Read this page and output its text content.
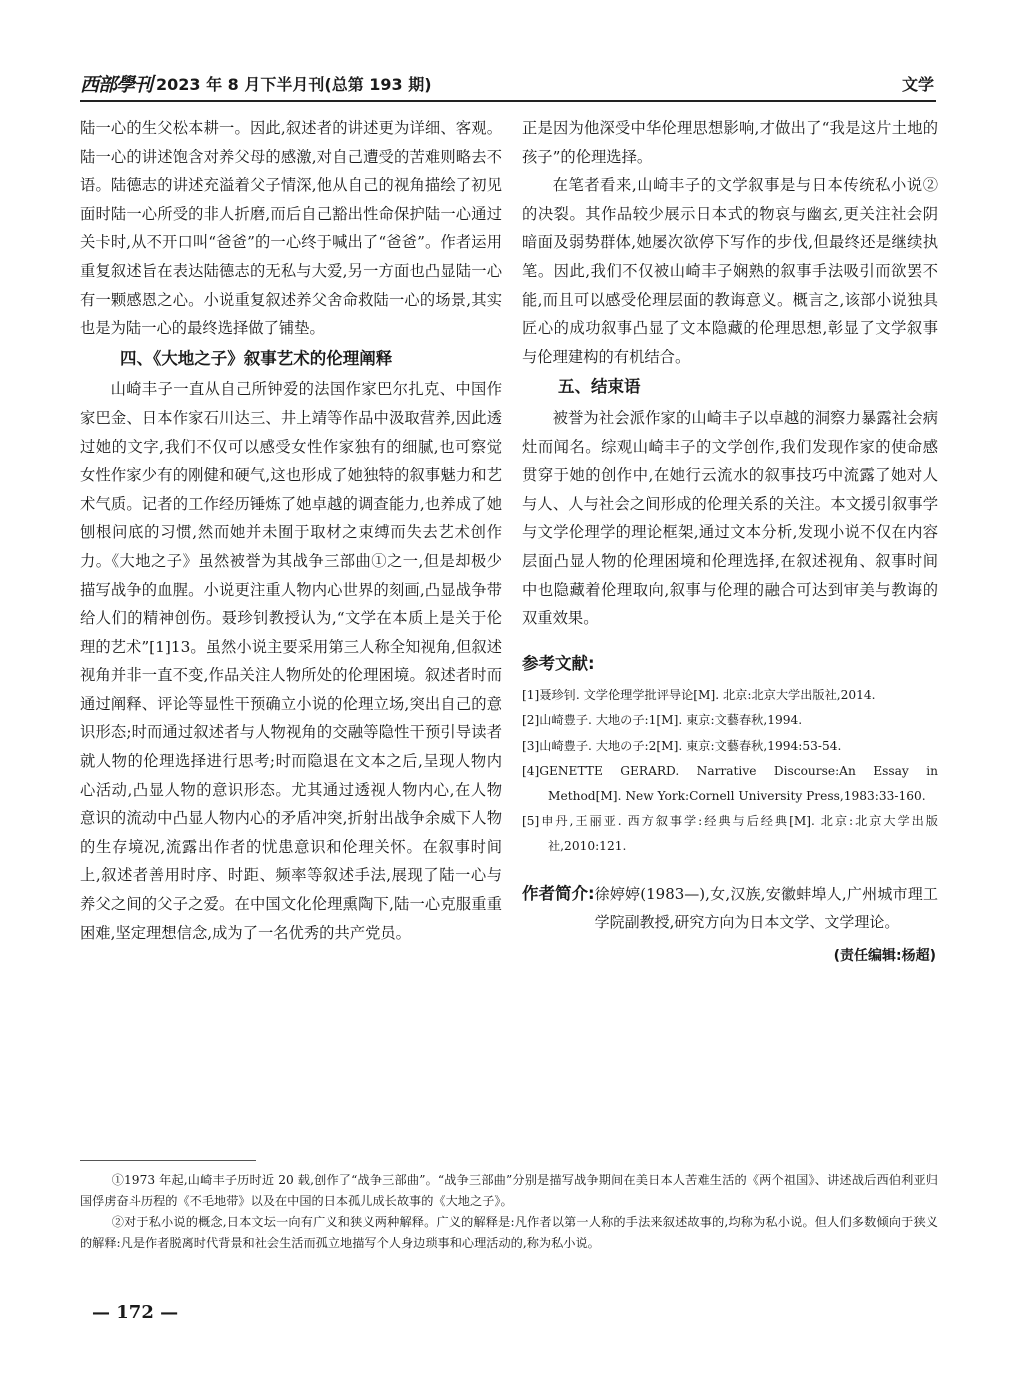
西部學刊 2023 年 8 月下半月刊(总第 193 期)	文学

陆一心的生父松本耕一。因此,叙述者的讲述更为详细、客观。陆一心的讲述饱含对养父母的感激,对自己遭受的苦难则略去不语。陆德志的讲述充溢着父子情深,他从自己的视角描绘了初见面时陆一心所受的非人折磨,而后自己豁出性命保护陆一心通过关卡时,从不开口叫“爸爸”的一心终于喊出了“爸爸”。作者运用重复叙述旨在表达陆德志的无私与大爱,另一方面也凸显陆一心有一颗感恩之心。小说重复叙述养父舍命救陆一心的场景,其实也是为陆一心的最终选择做了铺垫。

四、《大地之子》叙事艺术的伦理阐释

山崎丰子一直从自己所钟爱的法国作家巴尔扎克、中国作家巴金、日本作家石川达三、井上靖等作品中汲取营养,因此透过她的文字,我们不仅可以感受女性作家独有的细腻,也可察觉女性作家少有的刚健和硬气,这也形成了她独特的叙事魅力和艺术气质。记者的工作经历锤炼了她卓越的调查能力,也养成了她刨根问底的习惯,然而她并未囿于取材之束缚而失去艺术创作力。《大地之子》虽然被誉为其战争三部曲①之一,但是却极少描写战争的血腥。小说更注重人物内心世界的刻画,凸显战争带给人们的精神创伤。聂珍钊教授认为,“文学在本质上是关于伦理的艺术”[1]13。虽然小说主要采用第三人称全知视角,但叙述视角并非一直不变,作品关注人物所处的伦理困境。叙述者时而通过阐释、评论等显性干预确立小说的伦理立场,突出自己的意识形态;时而通过叙述者与人物视角的交融等隐性干预引导读者就人物的伦理选择进行思考;时而隐退在文本之后,呈现人物内心活动,凸显人物的意识形态。尤其通过透视人物内心,在人物意识的流动中凸显人物内心的矛盾冲突,折射出战争余威下人物的生存境况,流露出作者的忧患意识和伦理关怀。在叙事时间上,叙述者善用时序、时距、频率等叙述手法,展现了陆一心与养父之间的父子之爱。在中国文化伦理熏陶下,陆一心克服重重困难,坚定理想信念,成为了一名优秀的共产党员。

正是因为他深受中华伦理思想影响,才做出了“我是这片土地的孩子”的伦理选择。

在笔者看来,山崎丰子的文学叙事是与日本传统私小说②的决裂。其作品较少展示日本式的物哀与幽玄,更关注社会阴暗面及弱势群体,她屡次欲停下写作的步伐,但最终还是继续执笔。因此,我们不仅被山崎丰子娴熟的叙事手法吸引而欲罢不能,而且可以感受伦理层面的教诲意义。概言之,该部小说独具匠心的成功叙事凸显了文本隐藏的伦理思想,彰显了文学叙事与伦理建构的有机结合。

五、结束语

被誉为社会派作家的山崎丰子以卓越的洞察力暴露社会病灶而闻名。综观山崎丰子的文学创作,我们发现作家的使命感贯穿于她的创作中,在她行云流水的叙事技巧中流露了她对人与人、人与社会之间形成的伦理关系的关注。本文援引叙事学与文学伦理学的理论框架,通过文本分析,发现小说不仅在内容层面凸显人物的伦理困境和伦理选择,在叙述视角、叙事时间中也隐藏着伦理取向,叙事与伦理的融合可达到审美与教诲的双重效果。

参考文献:
[1]聂珍钊. 文学伦理学批评导论[M]. 北京:北京大学出版社,2014.
[2]山崎豊子. 大地の子:1[M]. 東京:文藝春秋,1994.
[3]山崎豊子. 大地の子:2[M]. 東京:文藝春秋,1994:53-54.
[4]GENETTE GERARD. Narrative Discourse:An Essay in Method[M]. New York:Cornell University Press,1983:33-160.
[5]申丹,王丽亚. 西方叙事学:经典与后经典[M]. 北京:北京大学出版社,2010:121.
作者简介: 徐婷婷(1983—),女,汉族,安徽蚌埠人,广州城市理工学院副教授,研究方向为日本文学、文学理论。
(责任编辑:杨超)

①1973 年起,山崎丰子历时近 20 载,创作了“战争三部曲”。“战争三部曲”分别是描写战争期间在美日本人苦难生活的《两个祖国》、讲述战后西伯利亚归国俘虏奋斗历程的《不毛地带》以及在中国的日本孤儿成长故事的《大地之子》。

②对于私小说的概念,日本文坛一向有广义和狭义两种解释。广义的解释是:凡作者以第一人称的手法来叙述故事的,均称为私小说。但人们多数倾向于狭义的解释:凡是作者脱离时代背景和社会生活而孤立地描写个人身边琐事和心理活动的,称为私小说。

— 172 —
